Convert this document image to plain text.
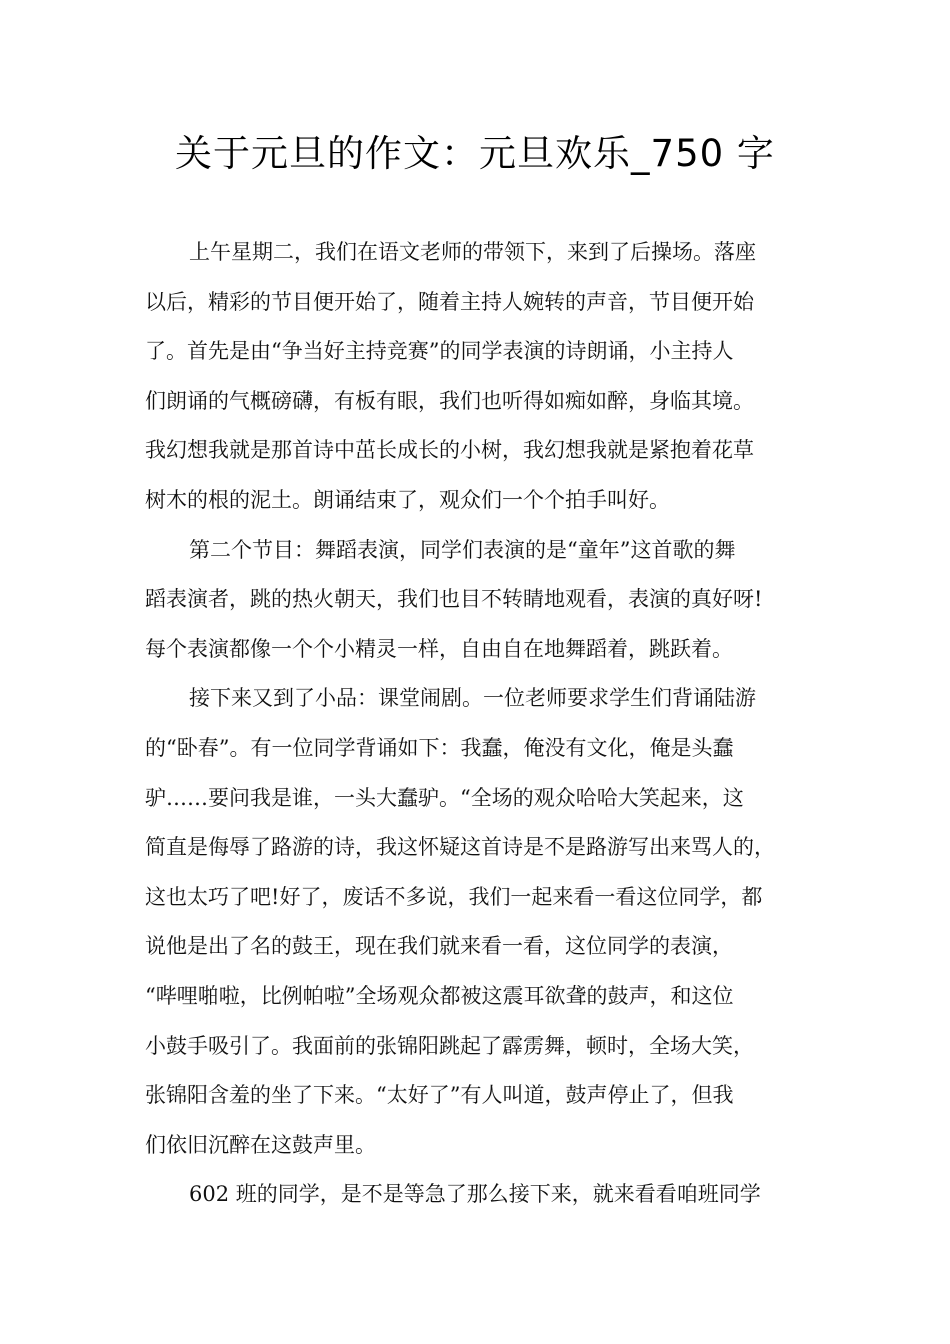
关于元旦的作文：元旦欢乐_750 字
上午星期二，我们在语文老师的带领下，来到了后操场。落座
以后，精彩的节目便开始了，随着主持人婉转的声音，节目便开始
了。首先是由“争当好主持竞赛”的同学表演的诗朗诵，小主持人
们朗诵的气概磅礴，有板有眼，我们也听得如痴如醉，身临其境。
我幻想我就是那首诗中茁长成长的小树，我幻想我就是紧抱着花草
树木的根的泥土。朗诵结束了，观众们一个个拍手叫好。
第二个节目：舞蹈表演，同学们表演的是“童年”这首歌的舞
蹈表演者，跳的热火朝天，我们也目不转睛地观看，表演的真好呀!
每个表演都像一个个小精灵一样，自由自在地舞蹈着，跳跃着。
接下来又到了小品：课堂闹剧。一位老师要求学生们背诵陆游
的“卧春”。有一位同学背诵如下：我蠢，俺没有文化，俺是头蠢
驴……要问我是谁，一头大蠢驴。“全场的观众哈哈大笑起来，这
简直是侮辱了路游的诗，我这怀疑这首诗是不是路游写出来骂人的，
这也太巧了吧!好了，废话不多说，我们一起来看一看这位同学，都
说他是出了名的鼓王，现在我们就来看一看，这位同学的表演，
“哔哩啪啦，比例帕啦”全场观众都被这震耳欲聋的鼓声，和这位
小鼓手吸引了。我面前的张锦阳跳起了霹雳舞，顿时，全场大笑，
张锦阳含羞的坐了下来。“太好了”有人叫道，鼓声停止了，但我
们依旧沉醉在这鼓声里。
602 班的同学，是不是等急了那么接下来，就来看看咱班同学
